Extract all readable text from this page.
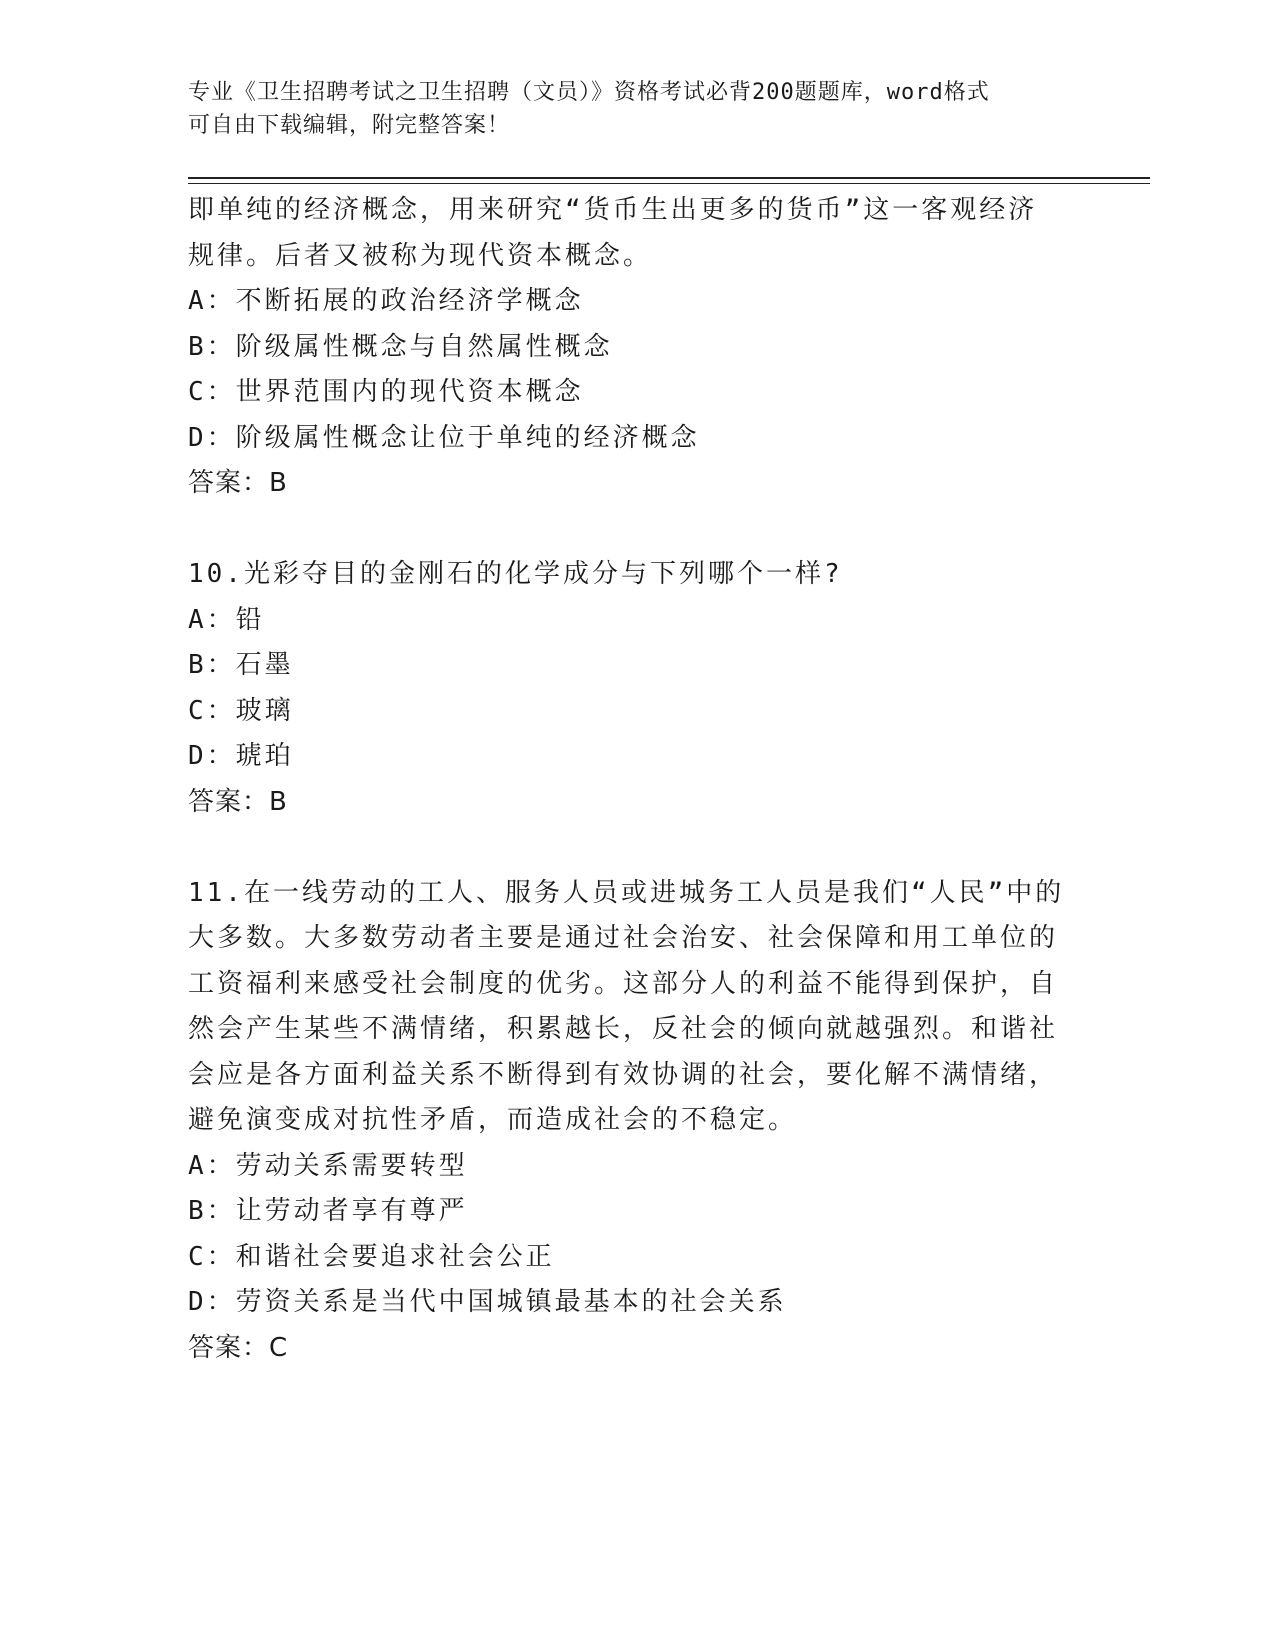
专业《卫生招聘考试之卫生招聘（文员）》资格考试必背200题题库，word格式
可自由下载编辑，附完整答案！
即单纯的经济概念，用来研究“货币生出更多的货币”这一客观经济
规律。后者又被称为现代资本概念。
A：不断拓展的政治经济学概念
B：阶级属性概念与自然属性概念
C：世界范围内的现代资本概念
D：阶级属性概念让位于单纯的经济概念
答案：B
10.光彩夺目的金刚石的化学成分与下列哪个一样?
A：铅
B：石墨
C：玻璃
D：琥珀
答案：B
11.在一线劳动的工人、服务人员或进城务工人员是我们“人民”中的
大多数。大多数劳动者主要是通过社会治安、社会保障和用工单位的
工资福利来感受社会制度的优劣。这部分人的利益不能得到保护，自
然会产生某些不满情绪，积累越长，反社会的倾向就越强烈。和谐社
会应是各方面利益关系不断得到有效协调的社会，要化解不满情绪，
避免演变成对抗性矛盾，而造成社会的不稳定。
A：劳动关系需要转型
B：让劳动者享有尊严
C：和谐社会要追求社会公正
D：劳资关系是当代中国城镇最基本的社会关系
答案：C
